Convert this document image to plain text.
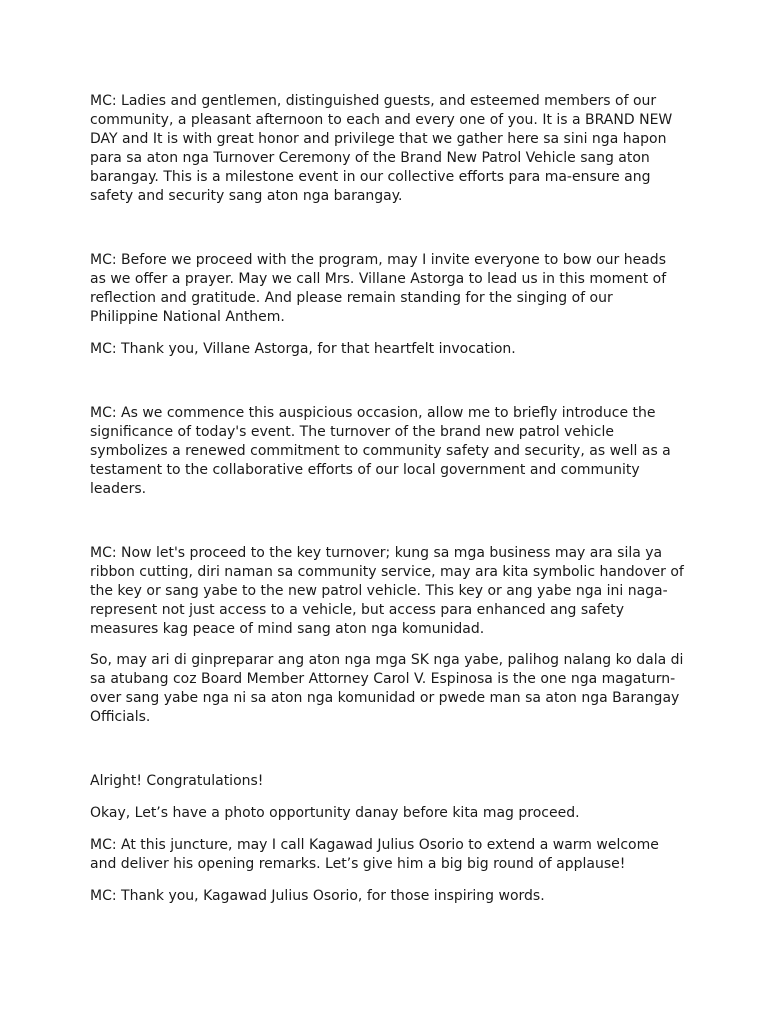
MC: Ladies and gentlemen, distinguished guests, and esteemed members of our
community, a pleasant afternoon to each and every one of you. It is a BRAND NEW
DAY and It is with great honor and privilege that we gather here sa sini nga hapon
para sa aton nga Turnover Ceremony of the Brand New Patrol Vehicle sang aton
barangay. This is a milestone event in our collective efforts para ma-ensure ang
safety and security sang aton nga barangay.

MC: Before we proceed with the program, may I invite everyone to bow our heads
as we offer a prayer. May we call Mrs. Villane Astorga to lead us in this moment of
reflection and gratitude. And please remain standing for the singing of our
Philippine National Anthem.

MC: Thank you, Villane Astorga, for that heartfelt invocation.

MC: As we commence this auspicious occasion, allow me to briefly introduce the
significance of today's event. The turnover of the brand new patrol vehicle
symbolizes a renewed commitment to community safety and security, as well as a
testament to the collaborative efforts of our local government and community
leaders.

MC: Now let's proceed to the key turnover; kung sa mga business may ara sila ya
ribbon cutting, diri naman sa community service, may ara kita symbolic handover of
the key or sang yabe to the new patrol vehicle. This key or ang yabe nga ini naga-
represent not just access to a vehicle, but access para enhanced ang safety
measures kag peace of mind sang aton nga komunidad.

So, may ari di ginpreparar ang aton nga mga SK nga yabe, palihog nalang ko dala di
sa atubang coz Board Member Attorney Carol V. Espinosa is the one nga magaturn-
over sang yabe nga ni sa aton nga komunidad or pwede man sa aton nga Barangay
Officials.

Alright! Congratulations!

Okay, Let’s have a photo opportunity danay before kita mag proceed.

MC: At this juncture, may I call Kagawad Julius Osorio to extend a warm welcome
and deliver his opening remarks. Let’s give him a big big round of applause!

MC: Thank you, Kagawad Julius Osorio, for those inspiring words.
